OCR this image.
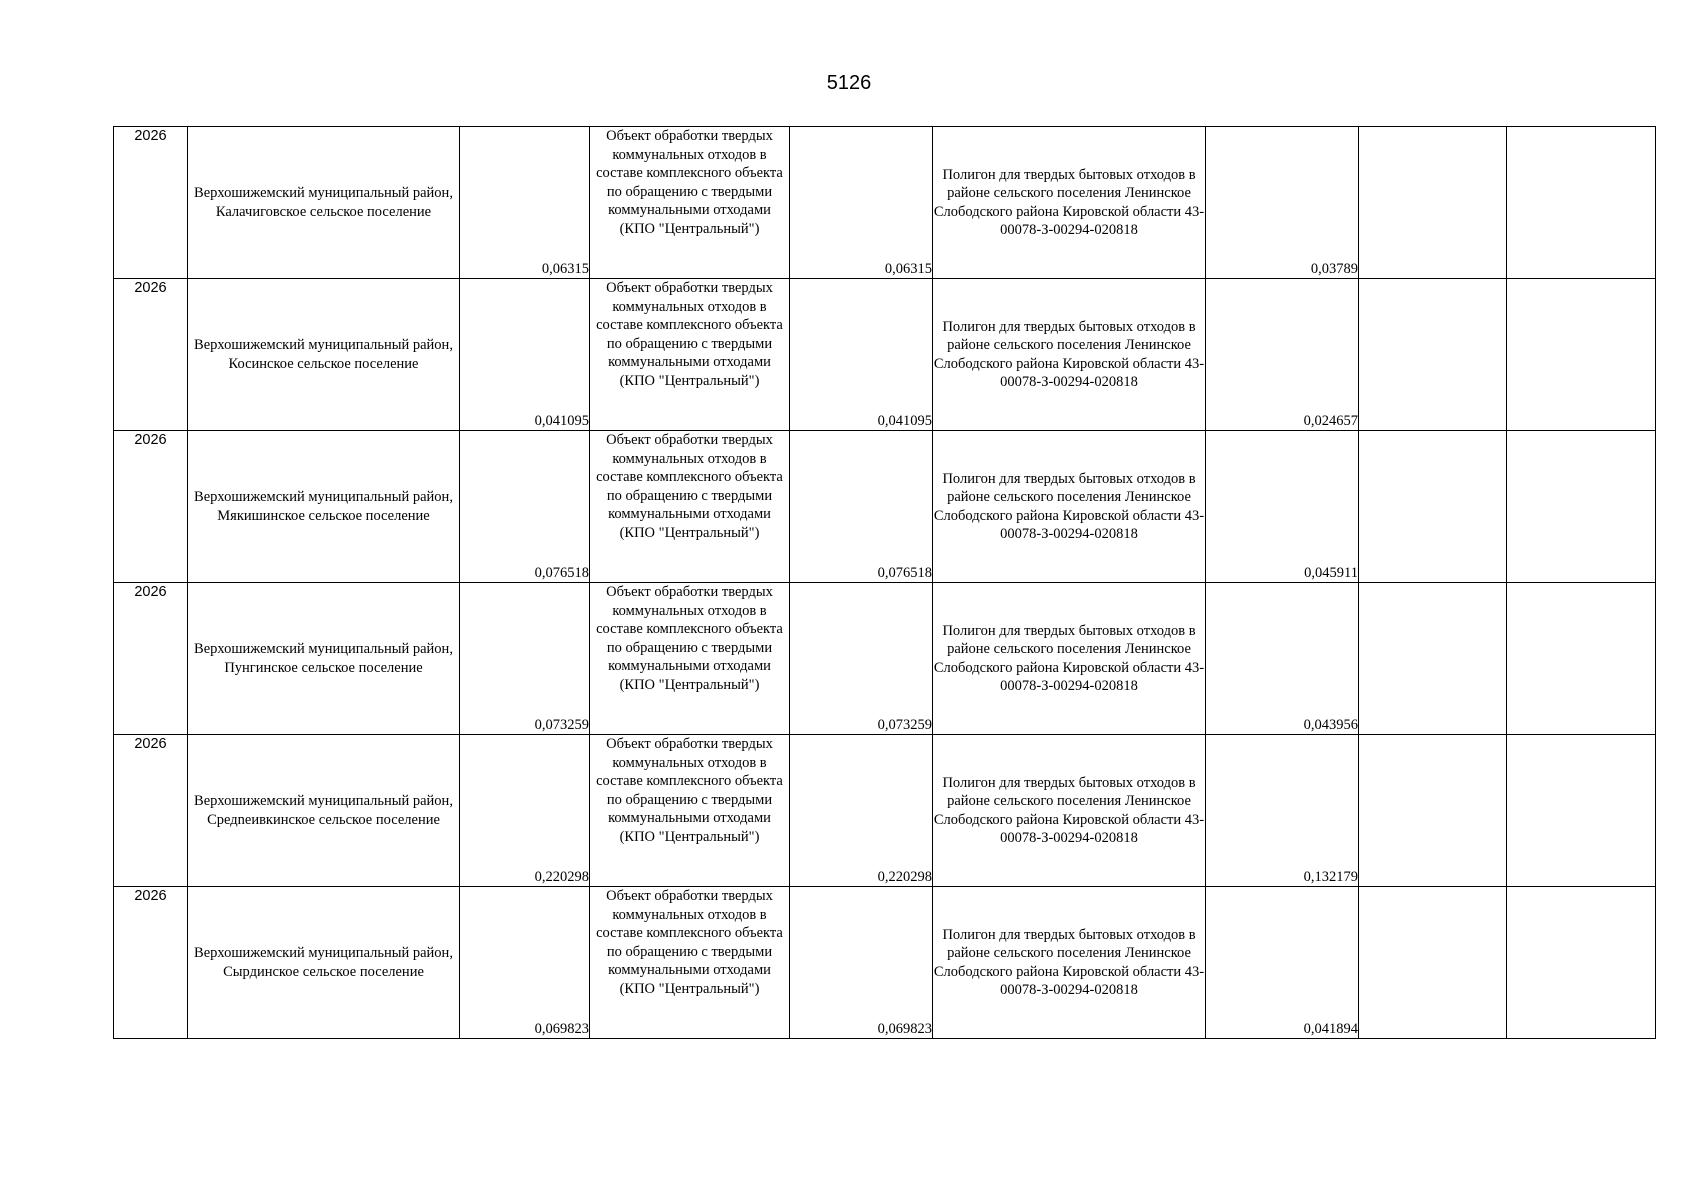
5126
2026	Верхошижемский муниципальный район, Калачиговское сельское поселение	0,06315	Объект обработки твердых коммунальных отходов в составе комплексного объекта по обращению с твердыми коммунальными отходами (КПО "Центральный")	0,06315	Полигон для твердых бытовых отходов в районе сельского поселения Ленинское Слободского района Кировской области 43-00078-З-00294-020818	0,03789		
2026	Верхошижемский муниципальный район, Косинское сельское поселение	0,041095	Объект обработки твердых коммунальных отходов в составе комплексного объекта по обращению с твердыми коммунальными отходами (КПО "Центральный")	0,041095	Полигон для твердых бытовых отходов в районе сельского поселения Ленинское Слободского района Кировской области 43-00078-З-00294-020818	0,024657		
2026	Верхошижемский муниципальный район, Мякишинское сельское поселение	0,076518	Объект обработки твердых коммунальных отходов в составе комплексного объекта по обращению с твердыми коммунальными отходами (КПО "Центральный")	0,076518	Полигон для твердых бытовых отходов в районе сельского поселения Ленинское Слободского района Кировской области 43-00078-З-00294-020818	0,045911		
2026	Верхошижемский муниципальный район, Пунгинское сельское поселение	0,073259	Объект обработки твердых коммунальных отходов в составе комплексного объекта по обращению с твердыми коммунальными отходами (КПО "Центральный")	0,073259	Полигон для твердых бытовых отходов в районе сельского поселения Ленинское Слободского района Кировской области 43-00078-З-00294-020818	0,043956		
2026	Верхошижемский муниципальный район, Средneивкинское сельское поселение	0,220298	Объект обработки твердых коммунальных отходов в составе комплексного объекта по обращению с твердыми коммунальными отходами (КПО "Центральный")	0,220298	Полигон для твердых бытовых отходов в районе сельского поселения Ленинское Слободского района Кировской области 43-00078-З-00294-020818	0,132179		
2026	Верхошижемский муниципальный район, Сырдинское сельское поселение	0,069823	Объект обработки твердых коммунальных отходов в составе комплексного объекта по обращению с твердыми коммунальными отходами (КПО "Центральный")	0,069823	Полигон для твердых бытовых отходов в районе сельского поселения Ленинское Слободского района Кировской области 43-00078-З-00294-020818	0,041894		
